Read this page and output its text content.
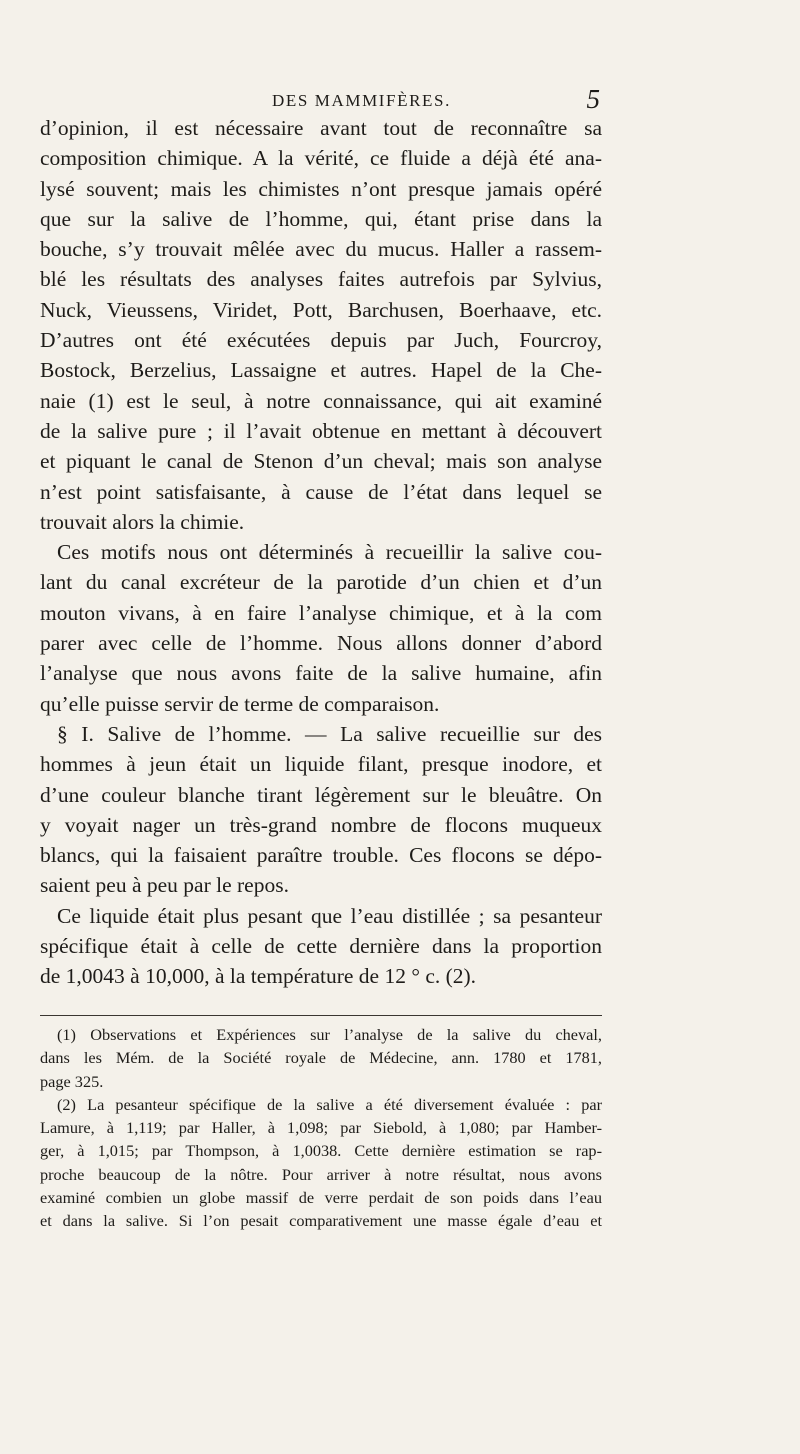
DES MAMMIFÈRES.	5
d’opinion, il est nécessaire avant tout de reconnaître sa
composition chimique. A la vérité, ce fluide a déjà été ana-
lysé souvent; mais les chimistes n’ont presque jamais opéré
que sur la salive de l’homme, qui, étant prise dans la
bouche, s’y trouvait mêlée avec du mucus. Haller a rassem-
blé les résultats des analyses faites autrefois par Sylvius,
Nuck, Vieussens, Viridet, Pott, Barchusen, Boerhaave, etc.
D’autres ont été exécutées depuis par Juch, Fourcroy,
Bostock, Berzelius, Lassaigne et autres. Hapel de la Che-
naie (1) est le seul, à notre connaissance, qui ait examiné
de la salive pure ; il l’avait obtenue en mettant à découvert
et piquant le canal de Stenon d’un cheval; mais son analyse
n’est point satisfaisante, à cause de l’état dans lequel se
trouvait alors la chimie.
Ces motifs nous ont déterminés à recueillir la salive cou-
lant du canal excréteur de la parotide d’un chien et d’un
mouton vivans, à en faire l’analyse chimique, et à la com
parer avec celle de l’homme. Nous allons donner d’abord
l’analyse que nous avons faite de la salive humaine, afin
qu’elle puisse servir de terme de comparaison.
§ I. Salive de l’homme. — La salive recueillie sur des
hommes à jeun était un liquide filant, presque inodore, et
d’une couleur blanche tirant légèrement sur le bleuâtre. On
y voyait nager un très-grand nombre de flocons muqueux
blancs, qui la faisaient paraître trouble. Ces flocons se dépo-
saient peu à peu par le repos.
Ce liquide était plus pesant que l’eau distillée ; sa pesanteur
spécifique était à celle de cette dernière dans la proportion
de 1,0043 à 10,000, à la température de 12 ° c. (2).
(1) Observations et Expériences sur l’analyse de la salive du cheval,
dans les Mém. de la Société royale de Médecine, ann. 1780 et 1781,
page 325.
(2) La pesanteur spécifique de la salive a été diversement évaluée : par
Lamure, à 1,119; par Haller, à 1,098; par Siebold, à 1,080; par Hamber-
ger, à 1,015; par Thompson, à 1,0038. Cette dernière estimation se rap-
proche beaucoup de la nôtre. Pour arriver à notre résultat, nous avons
examiné combien un globe massif de verre perdait de son poids dans l’eau
et dans la salive. Si l’on pesait comparativement une masse égale d’eau et
